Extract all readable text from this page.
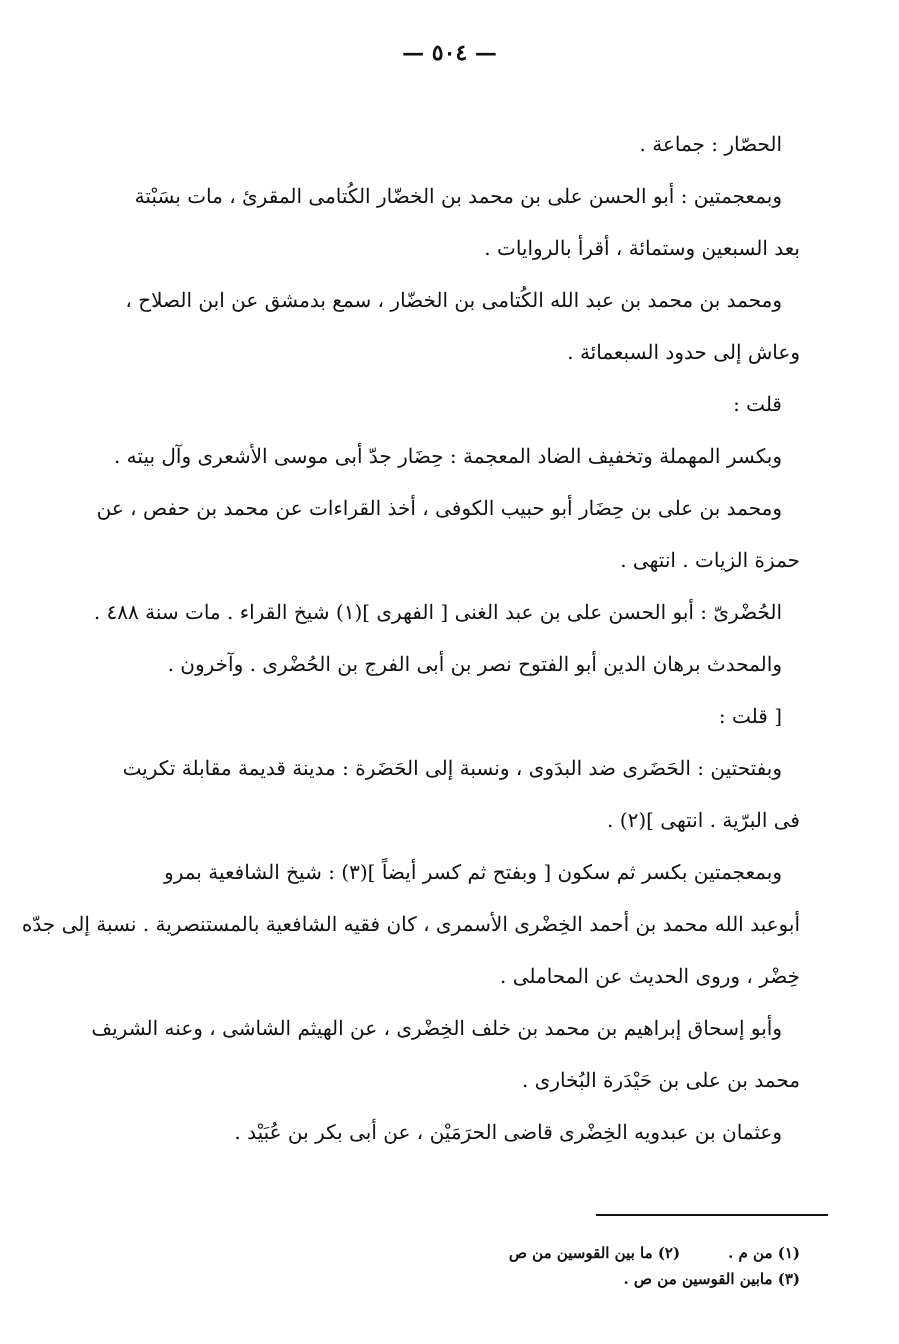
— ٥٠٤ —
الحصّار : جماعة .
وبمعجمتين : أبو الحسن على بن محمد بن الخضّار الكُتامى المقرئ ، مات بسَبْتة
بعد السبعين وستمائة ، أقرأ بالروايات .
ومحمد بن محمد بن عبد الله الكُتامى بن الخضّار ، سمع بدمشق عن ابن الصلاح ،
وعاش إلى حدود السبعمائة .
قلت :
وبكسر المهملة وتخفيف الضاد المعجمة : حِضَار جدّ أبى موسى الأشعرى وآل بيته .
ومحمد بن على بن حِضَار أبو حبيب الكوفى ، أخذ القراءات عن محمد بن حفص ، عن
حمزة الزيات . انتهى .
الحُضْرىّ : أبو الحسن على بن عبد الغنى [ الفهرى ](١) شيخ القراء . مات سنة ٤٨٨ .
والمحدث برهان الدين أبو الفتوح نصر بن أبى الفرج بن الحُضْرى . وآخرون .
[ قلت :
وبفتحتين : الحَضَرى ضد البدَوى ، ونسبة إلى الحَضَرة : مدينة قديمة مقابلة تكريت
فى البرّية . انتهى ](٢) .
وبمعجمتين بكسر ثم سكون [ وبفتح ثم كسر أيضاً ](٣) : شيخ الشافعية بمرو
أبوعبد الله محمد بن أحمد الخِضْرى الأسمرى ، كان فقيه الشافعية بالمستنصرية . نسبة إلى جدّه
خِضْر ، وروى الحديث عن المحاملى .
وأبو إسحاق إبراهيم بن محمد بن خلف الخِضْرى ، عن الهيثم الشاشى ، وعنه الشريف
محمد بن على بن حَيْدَرة البُخارى .
وعثمان بن عبدويه الخِضْرى قاضى الحرَمَيْن ، عن أبى بكر بن عُبَيْد .
(١) من م .(٢) ما بين القوسين من ص
(٣) مابين القوسين من ص .
